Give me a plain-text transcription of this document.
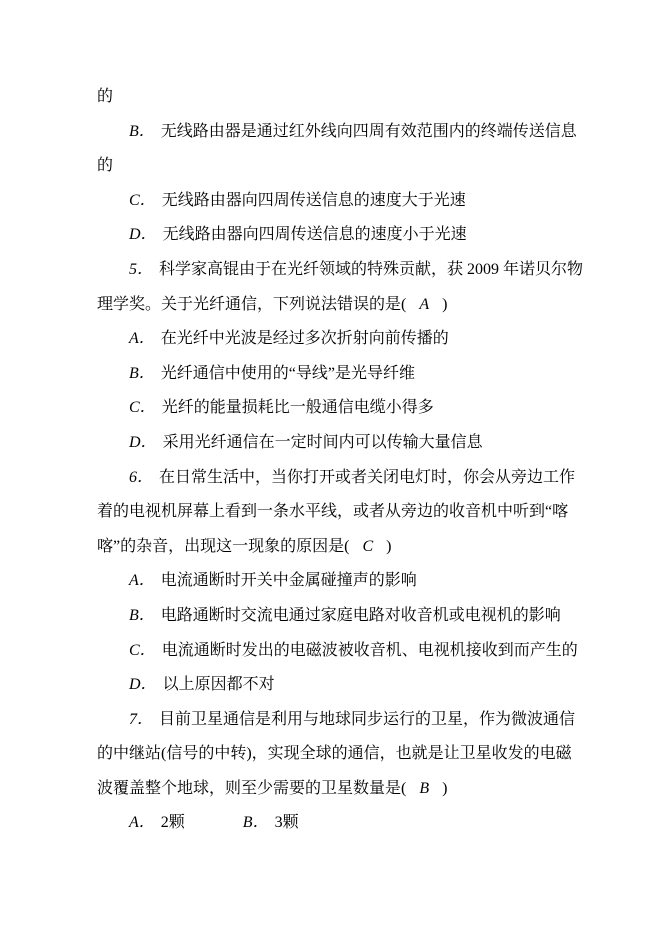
的
B． 无线路由器是通过红外线向四周有效范围内的终端传送信息
的
C． 无线路由器向四周传送信息的速度大于光速
D． 无线路由器向四周传送信息的速度小于光速
5． 科学家高锟由于在光纤领域的特殊贡献，获 2009 年诺贝尔物
理学奖。关于光纤通信，下列说法错误的是( A )
A． 在光纤中光波是经过多次折射向前传播的
B． 光纤通信中使用的“导线”是光导纤维
C． 光纤的能量损耗比一般通信电缆小得多
D． 采用光纤通信在一定时间内可以传输大量信息
6． 在日常生活中，当你打开或者关闭电灯时，你会从旁边工作
着的电视机屏幕上看到一条水平线，或者从旁边的收音机中听到“喀
喀”的杂音，出现这一现象的原因是( C )
A． 电流通断时开关中金属碰撞声的影响
B． 电路通断时交流电通过家庭电路对收音机或电视机的影响
C． 电流通断时发出的电磁波被收音机、电视机接收到而产生的
D． 以上原因都不对
7． 目前卫星通信是利用与地球同步运行的卫星，作为微波通信
的中继站(信号的中转)，实现全球的通信，也就是让卫星收发的电磁
波覆盖整个地球，则至少需要的卫星数量是( B )
A． 2颗	B． 3颗
